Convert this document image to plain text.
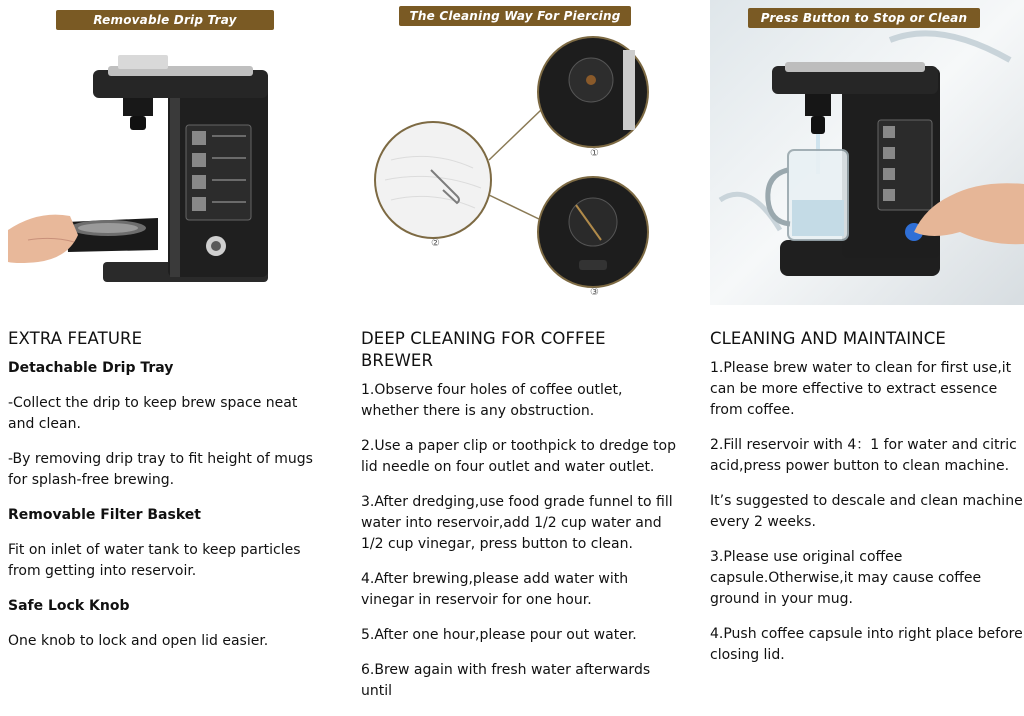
Removable Drip Tray
EXTRA FEATURE
Detachable Drip Tray
-Collect the drip to keep brew space neat and clean.
-By removing drip tray to fit height of mugs for splash-free brewing.
Removable Filter Basket
Fit on inlet of water tank to keep particles from getting into reservoir.
Safe Lock Knob
One knob to lock and open lid easier.
The Cleaning Way For Piercing Tip
①
②
③
DEEP CLEANING FOR COFFEE BREWER
1.Observe four holes of coffee outlet, whether there is any obstruction.
2.Use a paper clip or toothpick to dredge top lid needle on four outlet and water outlet.
3.After dredging,use food grade funnel to fill water into reservoir,add 1/2 cup water and 1/2 cup vinegar, press button to clean.
4.After brewing,please add water with vinegar in reservoir for one hour.
5.After one hour,please pour out water.
6.Brew again with fresh water afterwards until
Press Button to Stop or Clean
CLEANING AND MAINTAINCE
1.Please brew water to clean for first use,it can be more effective to extract essence from coffee.
2.Fill reservoir with 4：1 for water and citric acid,press power button to clean machine.
It’s suggested to descale and clean machine every 2 weeks.
3.Please use original coffee capsule.Otherwise,it may cause coffee ground in your mug.
4.Push coffee capsule into right place before closing lid.
